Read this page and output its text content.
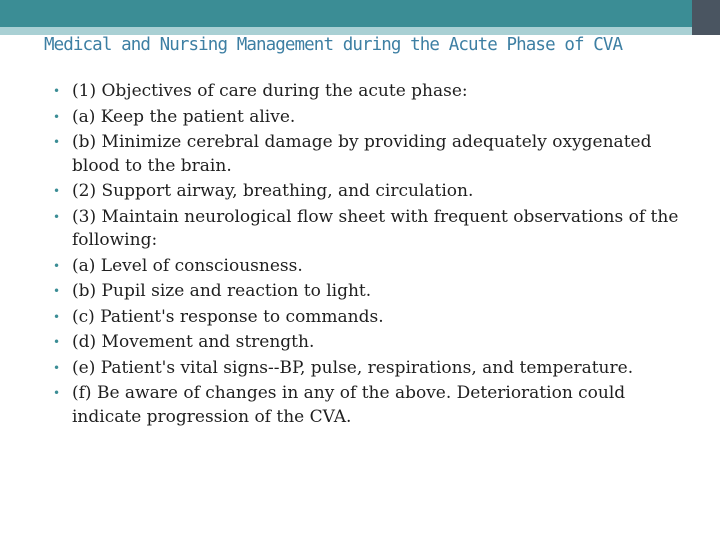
Medical and Nursing Management during the Acute Phase of CVA
• (1) Objectives of care during the acute phase:
• (a) Keep the patient alive.
• (b) Minimize cerebral damage by providing adequately oxygenated blood to the brain.
• (2) Support airway, breathing, and circulation.
• (3) Maintain neurological flow sheet with frequent observations of the following:
• (a) Level of consciousness.
• (b) Pupil size and reaction to light.
• (c) Patient's response to commands.
• (d) Movement and strength.
• (e) Patient's vital signs--BP, pulse, respirations, and temperature.
• (f) Be aware of changes in any of the above. Deterioration could indicate progression of the CVA.
